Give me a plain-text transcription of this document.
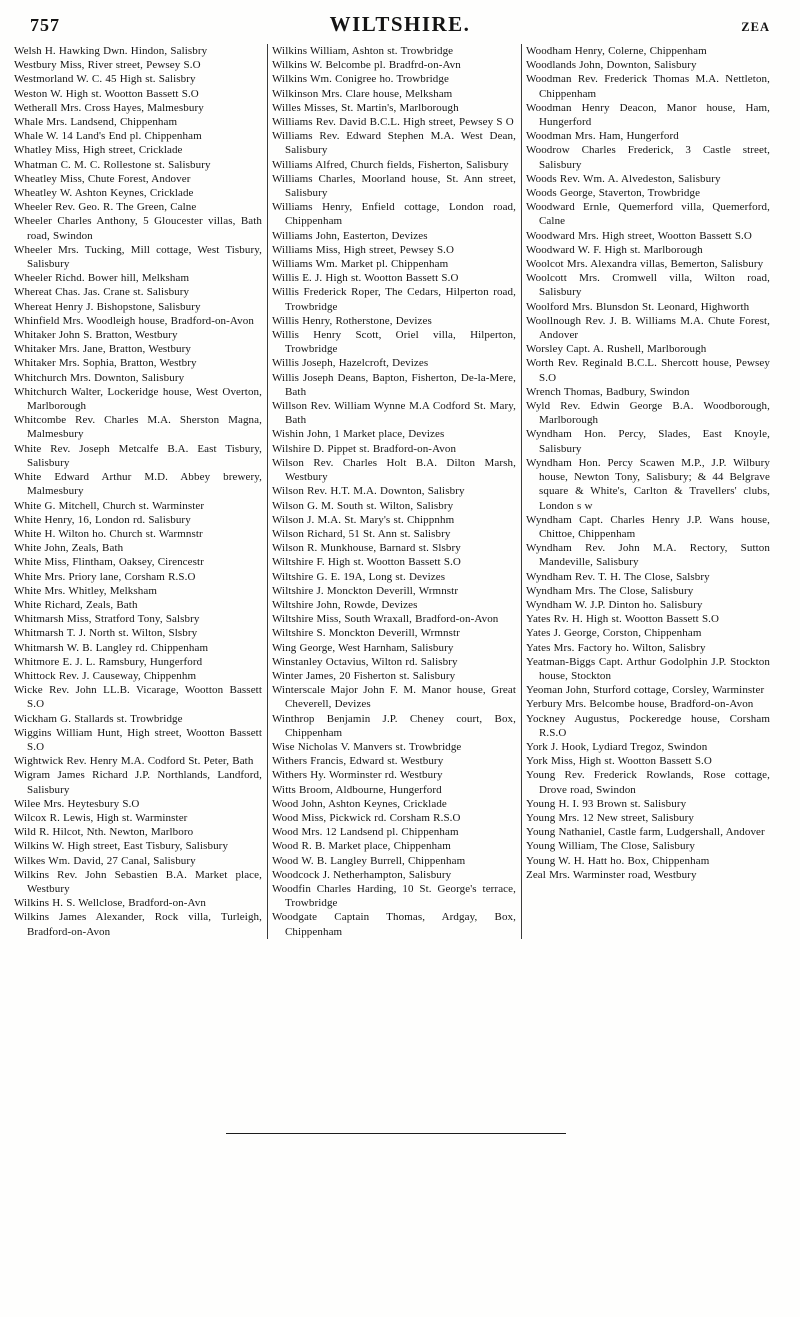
757	WILTSHIRE.	ZEA

Welsh H. Hawking Dwn. Hindon, Salisbry

Westbury Miss, River street, Pewsey S.O

Westmorland W. C. 45 High st. Salisbry

Weston W. High st. Wootton Bassett S.O

Wetherall Mrs. Cross Hayes, Malmesbury

Whale Mrs. Landsend, Chippenham

Whale W. 14 Land's End pl. Chippenham

Whatley Miss, High street, Cricklade

Whatman C. M. C. Rollestone st. Salisbury

Wheatley Miss, Chute Forest, Andover

Wheatley W. Ashton Keynes, Cricklade

Wheeler Rev. Geo. R. The Green, Calne

Wheeler Charles Anthony, 5 Gloucester villas, Bath road, Swindon

Wheeler Mrs. Tucking, Mill cottage, West Tisbury, Salisbury

Wheeler Richd. Bower hill, Melksham

Whereat Chas. Jas. Crane st. Salisbury

Whereat Henry J. Bishopstone, Salisbury

Whinfield Mrs. Woodleigh house, Bradford-on-Avon

Whitaker John S. Bratton, Westbury

Whitaker Mrs. Jane, Bratton, Westbury

Whitaker Mrs. Sophia, Bratton, Westbry

Whitchurch Mrs. Downton, Salisbury

Whitchurch Walter, Lockeridge house, West Overton, Marlborough

Whitcombe Rev. Charles M.A. Sherston Magna, Malmesbury

White Rev. Joseph Metcalfe B.A. East Tisbury, Salisbury

White Edward Arthur M.D. Abbey brewery, Malmesbury

White G. Mitchell, Church st. Warminster

White Henry, 16, London rd. Salisbury

White H. Wilton ho. Church st. Warmnstr

White John, Zeals, Bath

White Miss, Flintham, Oaksey, Cirencestr

White Mrs. Priory lane, Corsham R.S.O

White Mrs. Whitley, Melksham

White Richard, Zeals, Bath

Whitmarsh Miss, Stratford Tony, Salsbry

Whitmarsh T. J. North st. Wilton, Slsbry

Whitmarsh W. B. Langley rd. Chippenham

Whitmore E. J. L. Ramsbury, Hungerford

Whittock Rev. J. Causeway, Chippenhm

Wicke Rev. John LL.B. Vicarage, Wootton Bassett S.O

Wickham G. Stallards st. Trowbridge

Wiggins William Hunt, High street, Wootton Bassett S.O

Wightwick Rev. Henry M.A. Codford St. Peter, Bath

Wigram James Richard J.P. Northlands, Landford, Salisbury

Wilee Mrs. Heytesbury S.O

Wilcox R. Lewis, High st. Warminster

Wild R. Hilcot, Nth. Newton, Marlboro

Wilkins W. High street, East Tisbury, Salisbury

Wilkes Wm. David, 27 Canal, Salisbury

Wilkins Rev. John Sebastien B.A. Market place, Westbury

Wilkins H. S. Wellclose, Bradford-on-Avn

Wilkins James Alexander, Rock villa, Turleigh, Bradford-on-Avon

Wilkins William, Ashton st. Trowbridge

Wilkins W. Belcombe pl. Bradfrd-on-Avn

Wilkins Wm. Conigree ho. Trowbridge

Wilkinson Mrs. Clare house, Melksham

Willes Misses, St. Martin's, Marlborough

Williams Rev. David B.C.L. High street, Pewsey S O

Williams Rev. Edward Stephen M.A. West Dean, Salisbury

Williams Alfred, Church fields, Fisherton, Salisbury

Williams Charles, Moorland house, St. Ann street, Salisbury

Williams Henry, Enfield cottage, London road, Chippenham

Williams John, Easterton, Devizes

Williams Miss, High street, Pewsey S.O

Williams Wm. Market pl. Chippenham

Willis E. J. High st. Wootton Bassett S.O

Willis Frederick Roper, The Cedars, Hilperton road, Trowbridge

Willis Henry, Rotherstone, Devizes

Willis Henry Scott, Oriel villa, Hilperton, Trowbridge

Willis Joseph, Hazelcroft, Devizes

Willis Joseph Deans, Bapton, Fisherton, De-la-Mere, Bath

Willson Rev. William Wynne M.A Codford St. Mary, Bath

Wishin John, 1 Market place, Devizes

Wilshire D. Pippet st. Bradford-on-Avon

Wilson Rev. Charles Holt B.A. Dilton Marsh, Westbury

Wilson Rev. H.T. M.A. Downton, Salisbry

Wilson G. M. South st. Wilton, Salisbry

Wilson J. M.A. St. Mary's st. Chippnhm

Wilson Richard, 51 St. Ann st. Salisbry

Wilson R. Munkhouse, Barnard st. Slsbry

Wiltshire F. High st. Wootton Bassett S.O

Wiltshire G. E. 19A, Long st. Devizes

Wiltshire J. Monckton Deverill, Wrmnstr

Wiltshire John, Rowde, Devizes

Wiltshire Miss, South Wraxall, Bradford-on-Avon

Wiltshire S. Monckton Deverill, Wrmnstr

Wing George, West Harnham, Salisbury

Winstanley Octavius, Wilton rd. Salisbry

Winter James, 20 Fisherton st. Salisbury

Winterscale Major John F. M. Manor house, Great Cheverell, Devizes

Winthrop Benjamin J.P. Cheney court, Box, Chippenham

Wise Nicholas V. Manvers st. Trowbridge

Withers Francis, Edward st. Westbury

Withers Hy. Worminster rd. Westbury

Witts Broom, Aldbourne, Hungerford

Wood John, Ashton Keynes, Cricklade

Wood Miss, Pickwick rd. Corsham R.S.O

Wood Mrs. 12 Landsend pl. Chippenham

Wood R. B. Market place, Chippenham

Wood W. B. Langley Burrell, Chippenham

Woodcock J. Netherhampton, Salisbury

Woodfin Charles Harding, 10 St. George's terrace, Trowbridge

Woodgate Captain Thomas, Ardgay, Box, Chippenham

Woodham Henry, Colerne, Chippenham

Woodlands John, Downton, Salisbury

Woodman Rev. Frederick Thomas M.A. Nettleton, Chippenham

Woodman Henry Deacon, Manor house, Ham, Hungerford

Woodman Mrs. Ham, Hungerford

Woodrow Charles Frederick, 3 Castle street, Salisbury

Woods Rev. Wm. A. Alvedeston, Salisbury

Woods George, Staverton, Trowbridge

Woodward Ernle, Quemerford villa, Quemerford, Calne

Woodward Mrs. High street, Wootton Bassett S.O

Woodward W. F. High st. Marlborough

Woolcot Mrs. Alexandra villas, Bemerton, Salisbury

Woolcott Mrs. Cromwell villa, Wilton road, Salisbury

Woolford Mrs. Blunsdon St. Leonard, Highworth

Woollnough Rev. J. B. Williams M.A. Chute Forest, Andover

Worsley Capt. A. Rushell, Marlborough

Worth Rev. Reginald B.C.L. Shercott house, Pewsey S.O

Wrench Thomas, Badbury, Swindon

Wyld Rev. Edwin George B.A. Woodborough, Marlborough

Wyndham Hon. Percy, Slades, East Knoyle, Salisbury

Wyndham Hon. Percy Scawen M.P., J.P. Wilbury house, Newton Tony, Salisbury; & 44 Belgrave square & White's, Carlton & Travellers' clubs, London s w

Wyndham Capt. Charles Henry J.P. Wans house, Chittoe, Chippenham

Wyndham Rev. John M.A. Rectory, Sutton Mandeville, Salisbury

Wyndham Rev. T. H. The Close, Salsbry

Wyndham Mrs. The Close, Salisbury

Wyndham W. J.P. Dinton ho. Salisbury

Yates Rv. H. High st. Wootton Bassett S.O

Yates J. George, Corston, Chippenham

Yates Mrs. Factory ho. Wilton, Salisbry

Yeatman-Biggs Capt. Arthur Godolphin J.P. Stockton house, Stockton

Yeoman John, Sturford cottage, Corsley, Warminster

Yerbury Mrs. Belcombe house, Bradford-on-Avon

Yockney Augustus, Pockeredge house, Corsham R.S.O

York J. Hook, Lydiard Tregoz, Swindon

York Miss, High st. Wootton Bassett S.O

Young Rev. Frederick Rowlands, Rose cottage, Drove road, Swindon

Young H. I. 93 Brown st. Salisbury

Young Mrs. 12 New street, Salisbury

Young Nathaniel, Castle farm, Ludgershall, Andover

Young William, The Close, Salisbury

Young W. H. Hatt ho. Box, Chippenham

Zeal Mrs. Warminster road, Westbury
